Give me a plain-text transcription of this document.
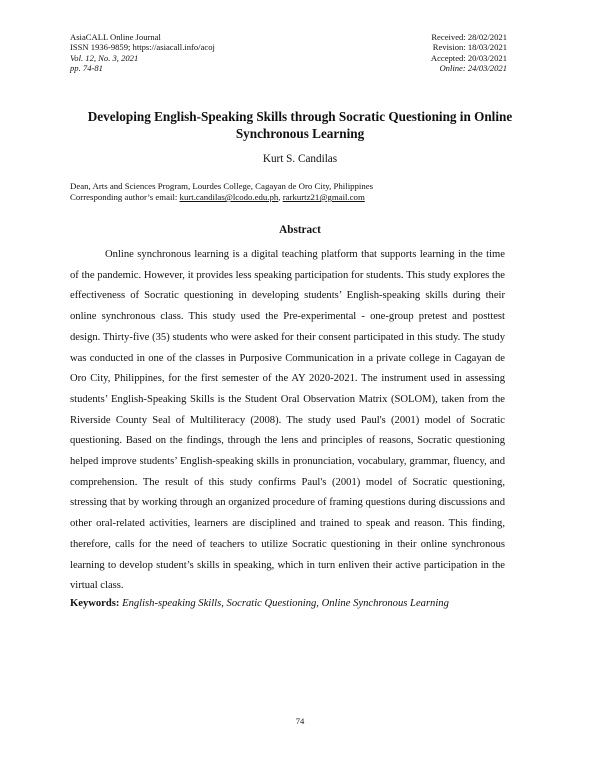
AsiaCALL Online Journal
ISSN 1936-9859; https://asiacall.info/acoj
Vol. 12, No. 3, 2021
pp. 74-81
Received: 28/02/2021
Revision: 18/03/2021
Accepted: 20/03/2021
Online: 24/03/2021
Developing English-Speaking Skills through Socratic Questioning in Online Synchronous Learning
Kurt S. Candilas
Dean, Arts and Sciences Program, Lourdes College, Cagayan de Oro City, Philippines
Corresponding author’s email: kurt.candilas@lcodo.edu.ph, rarkurtz21@gmail.com
Abstract

Online synchronous learning is a digital teaching platform that supports learning in the time of the pandemic. However, it provides less speaking participation for students. This study explores the effectiveness of Socratic questioning in developing students’ English-speaking skills during their online synchronous class. This study used the Pre-experimental - one-group pretest and posttest design. Thirty-five (35) students who were asked for their consent participated in this study. The study was conducted in one of the classes in Purposive Communication in a private college in Cagayan de Oro City, Philippines, for the first semester of the AY 2020-2021. The instrument used in assessing students’ English-Speaking Skills is the Student Oral Observation Matrix (SOLOM), taken from the Riverside County Seal of Multiliteracy (2008). The study used Paul's (2001) model of Socratic questioning. Based on the findings, through the lens and principles of reasons, Socratic questioning helped improve students’ English-speaking skills in pronunciation, vocabulary, grammar, fluency, and comprehension. The result of this study confirms Paul's (2001) model of Socratic questioning, stressing that by working through an organized procedure of framing questions during discussions and other oral-related activities, learners are disciplined and trained to speak and reason. This finding, therefore, calls for the need of teachers to utilize Socratic questioning in their online synchronous learning to develop student’s skills in speaking, which in turn enliven their active participation in the virtual class.

Keywords: English-speaking Skills, Socratic Questioning, Online Synchronous Learning
74
